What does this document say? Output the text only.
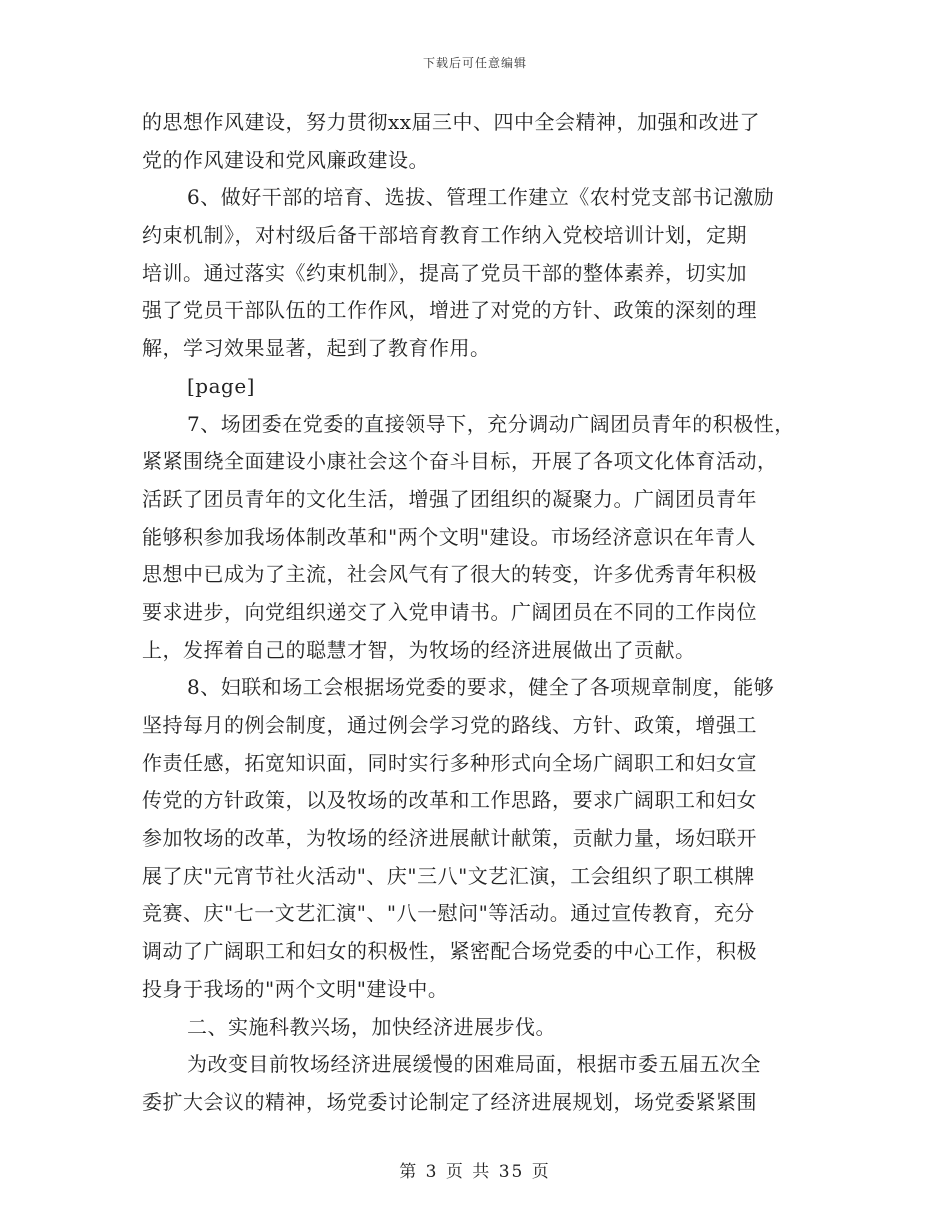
下载后可任意编辑
的思想作风建设，努力贯彻xx届三中、四中全会精神，加强和改进了
党的作风建设和党风廉政建设。
6、做好干部的培育、选拔、管理工作建立《农村党支部书记激励
约束机制》，对村级后备干部培育教育工作纳入党校培训计划，定期
培训。通过落实《约束机制》，提高了党员干部的整体素养，切实加
强了党员干部队伍的工作作风，增进了对党的方针、政策的深刻的理
解，学习效果显著，起到了教育作用。
[page]
7、场团委在党委的直接领导下，充分调动广阔团员青年的积极性，
紧紧围绕全面建设小康社会这个奋斗目标，开展了各项文化体育活动，
活跃了团员青年的文化生活，增强了团组织的凝聚力。广阔团员青年
能够积参加我场体制改革和"两个文明"建设。市场经济意识在年青人
思想中已成为了主流，社会风气有了很大的转变，许多优秀青年积极
要求进步，向党组织递交了入党申请书。广阔团员在不同的工作岗位
上，发挥着自己的聪慧才智，为牧场的经济进展做出了贡献。
8、妇联和场工会根据场党委的要求，健全了各项规章制度，能够
坚持每月的例会制度，通过例会学习党的路线、方针、政策，增强工
作责任感，拓宽知识面，同时实行多种形式向全场广阔职工和妇女宣
传党的方针政策，以及牧场的改革和工作思路，要求广阔职工和妇女
参加牧场的改革，为牧场的经济进展献计献策，贡献力量，场妇联开
展了庆"元宵节社火活动"、庆"三八"文艺汇演，工会组织了职工棋牌
竞赛、庆"七一文艺汇演"、"八一慰问"等活动。通过宣传教育，充分
调动了广阔职工和妇女的积极性，紧密配合场党委的中心工作，积极
投身于我场的"两个文明"建设中。
二、实施科教兴场，加快经济进展步伐。
为改变目前牧场经济进展缓慢的困难局面，根据市委五届五次全
委扩大会议的精神，场党委讨论制定了经济进展规划，场党委紧紧围
第 3 页 共 35 页
